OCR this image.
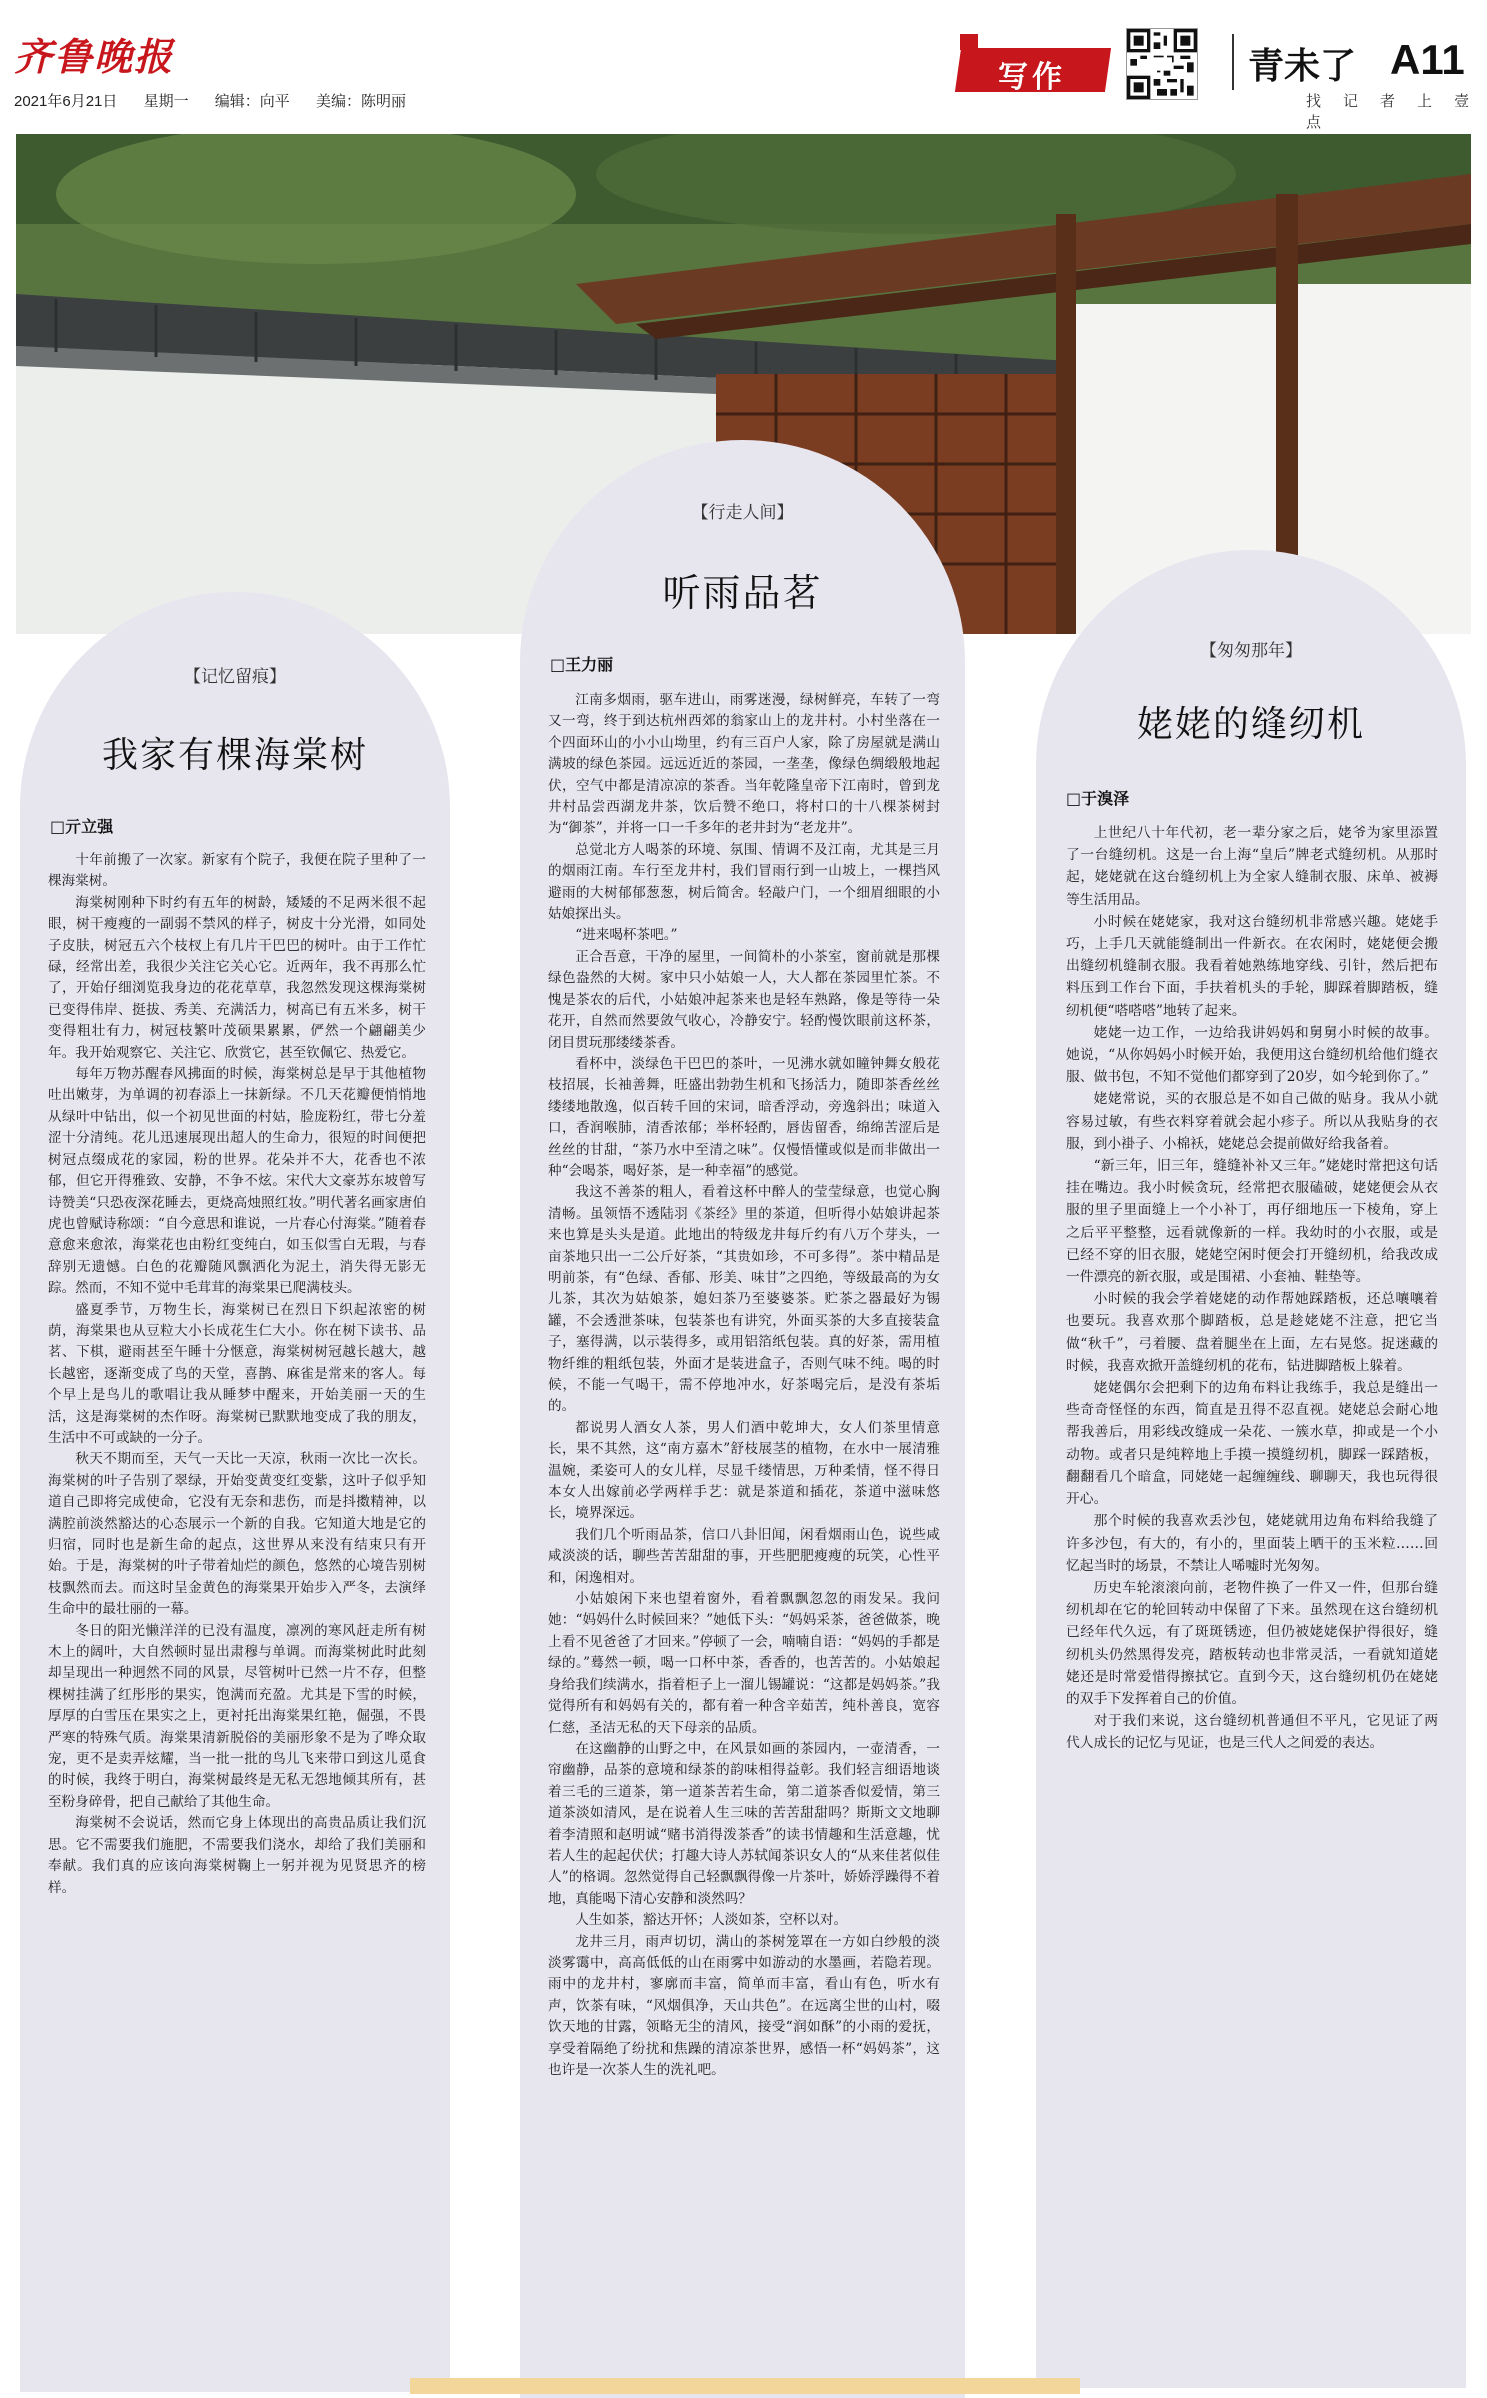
齐鲁晚报
2021年6月21日 星期一 编辑：向平 美编：陈明丽
写作	青未了 A11
找 记 者 上 壹点
【记忆留痕】
我家有棵海棠树
□亓立强

十年前搬了一次家。新家有个院子，我便在院子里种了一棵海棠树。

海棠树刚种下时约有五年的树龄，矮矮的不足两米很不起眼，树干瘦瘦的一副弱不禁风的样子，树皮十分光滑，如同处子皮肤，树冠五六个枝杈上有几片干巴巴的树叶。由于工作忙碌，经常出差，我很少关注它关心它。近两年，我不再那么忙了，开始仔细浏览我身边的花花草草，我忽然发现这棵海棠树已变得伟岸、挺拔、秀美、充满活力，树高已有五米多，树干变得粗壮有力，树冠枝繁叶茂硕果累累，俨然一个翩翩美少年。我开始观察它、关注它、欣赏它，甚至钦佩它、热爱它。

每年万物苏醒春风拂面的时候，海棠树总是早于其他植物吐出嫩芽，为单调的初春添上一抹新绿。不几天花瓣便悄悄地从绿叶中钻出，似一个初见世面的村姑，脸庞粉红，带七分羞涩十分清纯。花儿迅速展现出超人的生命力，很短的时间便把树冠点缀成花的家园，粉的世界。花朵并不大，花香也不浓郁，但它开得雅致、安静，不争不炫。宋代大文豪苏东坡曾写诗赞美“只恐夜深花睡去，更烧高烛照红妆。”明代著名画家唐伯虎也曾赋诗称颂：“自今意思和谁说，一片春心付海棠。”随着春意愈来愈浓，海棠花也由粉红变纯白，如玉似雪白无瑕，与春辞别无遗憾。白色的花瓣随风飘洒化为泥土，消失得无影无踪。然而，不知不觉中毛茸茸的海棠果已爬满枝头。

盛夏季节，万物生长，海棠树已在烈日下织起浓密的树荫，海棠果也从豆粒大小长成花生仁大小。你在树下读书、品茗、下棋，避雨甚至午睡十分惬意，海棠树树冠越长越大，越长越密，逐渐变成了鸟的天堂，喜鹊、麻雀是常来的客人。每个早上是鸟儿的歌唱让我从睡梦中醒来，开始美丽一天的生活，这是海棠树的杰作呀。海棠树已默默地变成了我的朋友，生活中不可或缺的一分子。

秋天不期而至，天气一天比一天凉，秋雨一次比一次长。海棠树的叶子告别了翠绿，开始变黄变红变紫，这叶子似乎知道自己即将完成使命，它没有无奈和悲伤，而是抖擞精神，以满腔前淡然豁达的心态展示一个新的自我。它知道大地是它的归宿，同时也是新生命的起点，这世界从来没有结束只有开始。于是，海棠树的叶子带着灿烂的颜色，悠然的心境告别树枝飘然而去。而这时呈金黄色的海棠果开始步入严冬，去演绎生命中的最壮丽的一幕。

冬日的阳光懒洋洋的已没有温度，凛冽的寒风赶走所有树木上的阔叶，大自然顿时显出肃穆与单调。而海棠树此时此刻却呈现出一种迥然不同的风景，尽管树叶已然一片不存，但整棵树挂满了红彤彤的果实，饱满而充盈。尤其是下雪的时候，厚厚的白雪压在果实之上，更衬托出海棠果红艳，倔强，不畏严寒的特殊气质。海棠果清新脱俗的美丽形象不是为了哗众取宠，更不是卖弄炫耀，当一批一批的鸟儿飞来带口到这儿觅食的时候，我终于明白，海棠树最终是无私无怨地倾其所有，甚至粉身碎骨，把自己献给了其他生命。

海棠树不会说话，然而它身上体现出的高贵品质让我们沉思。它不需要我们施肥，不需要我们浇水，却给了我们美丽和奉献。我们真的应该向海棠树鞠上一躬并视为见贤思齐的榜样。

【行走人间】
听雨品茗
□王力丽

江南多烟雨，驱车进山，雨雾迷漫，绿树鲜亮，车转了一弯又一弯，终于到达杭州西郊的翁家山上的龙井村。小村坐落在一个四面环山的小小山坳里，约有三百户人家，除了房屋就是满山满坡的绿色茶园。远远近近的茶园，一垄垄，像绿色绸缎般地起伏，空气中都是清凉凉的茶香。当年乾隆皇帝下江南时，曾到龙井村品尝西湖龙井茶，饮后赞不绝口，将村口的十八棵茶树封为“御茶”，并将一口一千多年的老井封为“老龙井”。

总觉北方人喝茶的环境、氛围、情调不及江南，尤其是三月的烟雨江南。车行至龙井村，我们冒雨行到一山坡上，一棵挡风避雨的大树郁郁葱葱，树后简舍。轻敲户门，一个细眉细眼的小姑娘探出头。

“进来喝杯茶吧。”

正合吾意，干净的屋里，一间简朴的小茶室，窗前就是那棵绿色盎然的大树。家中只小姑娘一人，大人都在茶园里忙茶。不愧是茶农的后代，小姑娘冲起茶来也是轻车熟路，像是等待一朵花开，自然而然要敛气收心，冷静安宁。轻酌慢饮眼前这杯茶，闭目贯玩那缕缕茶香。

看杯中，淡绿色干巴巴的茶叶，一见沸水就如瞳钟舞女般花枝招展，长袖善舞，旺盛出勃勃生机和飞扬活力，随即茶香丝丝缕缕地散逸，似百转千回的宋词，暗香浮动，旁逸斜出；味道入口，香润喉肺，清香浓郁；举杯轻酌，唇齿留香，绵绵苦涩后是丝丝的甘甜，“茶乃水中至清之味”。仅慢悟懂或似是而非做出一种“会喝茶，喝好茶，是一种幸福”的感觉。

我这不善茶的粗人，看着这杯中醉人的莹莹绿意，也觉心胸清畅。虽领悟不透陆羽《茶经》里的茶道，但听得小姑娘讲起茶来也算是头头是道。此地出的特级龙井每斤约有八万个芽头，一亩茶地只出一二公斤好茶，“其贵如珍，不可多得”。茶中精品是明前茶，有“色绿、香郁、形美、味甘”之四绝，等级最高的为女儿茶，其次为姑娘茶，媳妇茶乃至婆婆茶。贮茶之器最好为锡罐，不会透泄茶味，包装茶也有讲究，外面买茶的大多直接装盒子，塞得满，以示装得多，或用铝箔纸包装。真的好茶，需用植物纤维的粗纸包装，外面才是装进盒子，否则气味不纯。喝的时候，不能一气喝干，需不停地冲水，好茶喝完后，是没有茶垢的。

都说男人酒女人茶，男人们酒中乾坤大，女人们茶里情意长，果不其然，这“南方嘉木”舒枝展茎的植物，在水中一展清雅温婉，柔姿可人的女儿样，尽显千缕情思，万种柔情，怪不得日本女人出嫁前必学两样手艺：就是茶道和插花，茶道中滋味悠长，境界深远。

我们几个听雨品茶，信口八卦旧闻，闲看烟雨山色，说些咸咸淡淡的话，聊些苦苦甜甜的事，开些肥肥瘦瘦的玩笑，心性平和，闲逸相对。

小姑娘闲下来也望着窗外，看着飘飘忽忽的雨发呆。我问她：“妈妈什么时候回来？”她低下头：“妈妈采茶，爸爸做茶，晚上看不见爸爸了才回来。”停顿了一会，喃喃自语：“妈妈的手都是绿的。”蓦然一顿，喝一口杯中茶，香香的，也苦苦的。小姑娘起身给我们续满水，指着柜子上一溜儿锡罐说：“这都是妈妈茶。”我觉得所有和妈妈有关的，都有着一种含辛茹苦，纯朴善良，宽容仁慈，圣洁无私的天下母亲的品质。

在这幽静的山野之中，在风景如画的茶园内，一壶清香，一帘幽静，品茶的意境和绿茶的韵味相得益彰。我们轻言细语地谈着三毛的三道茶，第一道茶苦若生命，第二道茶香似爱情，第三道茶淡如清风，是在说着人生三味的苦苦甜甜吗？斯斯文文地聊着李清照和赵明诚“赌书消得泼茶香”的读书情趣和生活意趣，忧若人生的起起伏伏；打趣大诗人苏轼闻茶识女人的“从来佳茗似佳人”的格调。忽然觉得自己轻飘飘得像一片茶叶，娇娇浮躁得不着地，真能喝下清心安静和淡然吗？

人生如茶，豁达开怀；人淡如茶，空杯以对。

龙井三月，雨声切切，满山的茶树笼罩在一方如白纱般的淡淡雾霭中，高高低低的山在雨雾中如游动的水墨画，若隐若现。雨中的龙井村，寥廓而丰富，简单而丰富，看山有色，听水有声，饮茶有味，“风烟俱净，天山共色”。在远离尘世的山村，啜饮天地的甘露，领略无尘的清风，接受“润如酥”的小雨的爱抚，享受着隔绝了纷扰和焦躁的清凉茶世界，感悟一杯“妈妈茶”，这也许是一次茶人生的洗礼吧。

【匆匆那年】
姥姥的缝纫机
□于溴泽

上世纪八十年代初，老一辈分家之后，姥爷为家里添置了一台缝纫机。这是一台上海“皇后”牌老式缝纫机。从那时起，姥姥就在这台缝纫机上为全家人缝制衣服、床单、被褥等生活用品。

小时候在姥姥家，我对这台缝纫机非常感兴趣。姥姥手巧，上手几天就能缝制出一件新衣。在农闲时，姥姥便会搬出缝纫机缝制衣服。我看着她熟练地穿线、引针，然后把布料压到工作台下面，手扶着机头的手轮，脚踩着脚踏板，缝纫机便“嗒嗒嗒”地转了起来。

姥姥一边工作，一边给我讲妈妈和舅舅小时候的故事。她说，“从你妈妈小时候开始，我便用这台缝纫机给他们缝衣服、做书包，不知不觉他们都穿到了20岁，如今轮到你了。”

姥姥常说，买的衣服总是不如自己做的贴身。我从小就容易过敏，有些衣料穿着就会起小疹子。所以从我贴身的衣服，到小褂子、小棉袄，姥姥总会提前做好给我备着。

“新三年，旧三年，缝缝补补又三年。”姥姥时常把这句话挂在嘴边。我小时候贪玩，经常把衣服磕破，姥姥便会从衣服的里子里面缝上一个小补丁，再仔细地压一下棱角，穿上之后平平整整，远看就像新的一样。我幼时的小衣服，或是已经不穿的旧衣服，姥姥空闲时便会打开缝纫机，给我改成一件漂亮的新衣服，或是围裙、小套袖、鞋垫等。

小时候的我会学着姥姥的动作帮她踩踏板，还总嚷嚷着也要玩。我喜欢那个脚踏板，总是趁姥姥不注意，把它当做“秋千”，弓着腰、盘着腿坐在上面，左右晃悠。捉迷藏的时候，我喜欢掀开盖缝纫机的花布，钻进脚踏板上躲着。

姥姥偶尔会把剩下的边角布料让我练手，我总是缝出一些奇奇怪怪的东西，简直是丑得不忍直视。姥姥总会耐心地帮我善后，用彩线改缝成一朵花、一簇水草，抑或是一个小动物。或者只是纯粹地上手摸一摸缝纫机，脚踩一踩踏板，翻翻看几个暗盒，同姥姥一起缠缠线、聊聊天，我也玩得很开心。

那个时候的我喜欢丢沙包，姥姥就用边角布料给我缝了许多沙包，有大的，有小的，里面装上晒干的玉米粒……回忆起当时的场景，不禁让人唏嘘时光匆匆。

历史车轮滚滚向前，老物件换了一件又一件，但那台缝纫机却在它的轮回转动中保留了下来。虽然现在这台缝纫机已经年代久远，有了斑斑锈迹，但仍被姥姥保护得很好，缝纫机头仍然黑得发亮，踏板转动也非常灵活，一看就知道姥姥还是时常爱惜得擦拭它。直到今天，这台缝纫机仍在姥姥的双手下发挥着自己的价值。

对于我们来说，这台缝纫机普通但不平凡，它见证了两代人成长的记忆与见证，也是三代人之间爱的表达。
